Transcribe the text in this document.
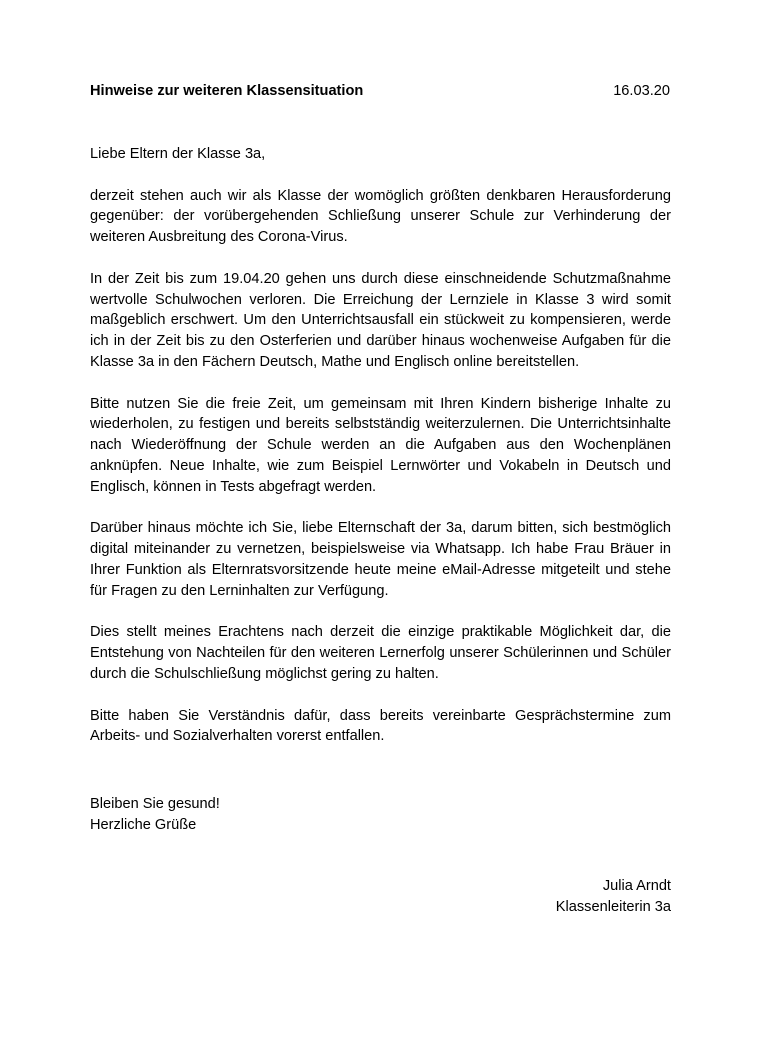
Hinweise zur weiteren Klassensituation	16.03.20

Liebe Eltern der Klasse 3a,

derzeit stehen auch wir als Klasse der womöglich größten denkbaren Herausforderung gegenüber: der vorübergehenden Schließung unserer Schule zur Verhinderung der weiteren Ausbreitung des Corona-Virus.

In der Zeit bis zum 19.04.20 gehen uns durch diese einschneidende Schutzmaßnahme wertvolle Schulwochen verloren. Die Erreichung der Lernziele in Klasse 3 wird somit maßgeblich erschwert. Um den Unterrichtsausfall ein stückweit zu kompensieren, werde ich in der Zeit bis zu den Osterferien und darüber hinaus wochenweise Aufgaben für die Klasse 3a in den Fächern Deutsch, Mathe und Englisch online bereitstellen.

Bitte nutzen Sie die freie Zeit, um gemeinsam mit Ihren Kindern bisherige Inhalte zu wiederholen, zu festigen und bereits selbstständig weiterzulernen. Die Unterrichtsinhalte nach Wiederöffnung der Schule werden an die Aufgaben aus den Wochenplänen anknüpfen. Neue Inhalte, wie zum Beispiel Lernwörter und Vokabeln in Deutsch und Englisch, können in Tests abgefragt werden.

Darüber hinaus möchte ich Sie, liebe Elternschaft der 3a, darum bitten, sich bestmöglich digital miteinander zu vernetzen, beispielsweise via Whatsapp. Ich habe Frau Bräuer in Ihrer Funktion als Elternratsvorsitzende heute meine eMail-Adresse mitgeteilt und stehe für Fragen zu den Lerninhalten zur Verfügung.

Dies stellt meines Erachtens nach derzeit die einzige praktikable Möglichkeit dar, die Entstehung von Nachteilen für den weiteren Lernerfolg unserer Schülerinnen und Schüler durch die Schulschließung möglichst gering zu halten.

Bitte haben Sie Verständnis dafür, dass bereits vereinbarte Gesprächstermine zum Arbeits- und Sozialverhalten vorerst entfallen.

Bleiben Sie gesund!
Herzliche Grüße
Julia Arndt
Klassenleiterin 3a
